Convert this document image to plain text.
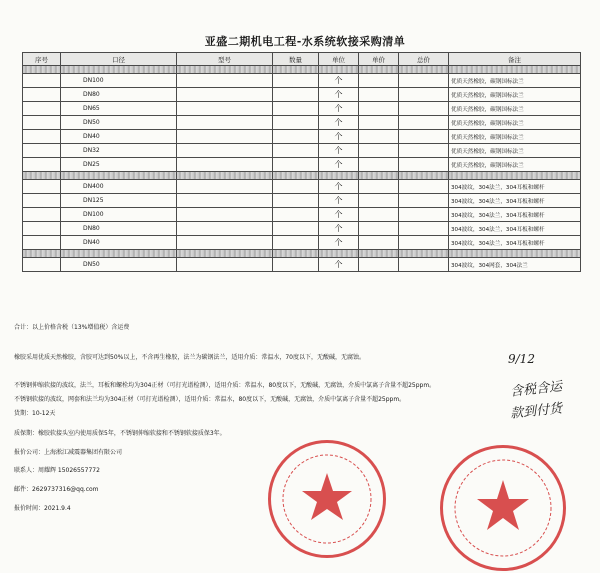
亚盛二期机电工程-水系统软接采购清单
序号	口径	型号	数量	单位	单价	总价	备注

	DN100			个			优质天然橡胶，碳钢国标法兰
	DN80			个			优质天然橡胶，碳钢国标法兰
	DN65			个			优质天然橡胶，碳钢国标法兰
	DN50			个			优质天然橡胶，碳钢国标法兰
	DN40			个			优质天然橡胶，碳钢国标法兰
	DN32			个			优质天然橡胶，碳钢国标法兰
	DN25			个			优质天然橡胶，碳钢国标法兰

	DN400			个			304波纹，304法兰，304耳板和螺杆
	DN125			个			304波纹，304法兰，304耳板和螺杆
	DN100			个			304波纹，304法兰，304耳板和螺杆
	DN80			个			304波纹，304法兰，304耳板和螺杆
	DN40			个			304波纹，304法兰，304耳板和螺杆

	DN50			个			304波纹，304网套，304法兰
合计：以上价格含税（13%增值税）含运费
橡胶采用优质天然橡胶，含胶可达到50%以上，不含再生橡胶，法兰为碳钢法兰，适用介质：常温水，70度以下，无酸碱，无腐蚀。
不锈钢伸缩软接的波纹，法兰，耳板和螺栓均为304正材（可打光谱检测），适用介质：常温水，80度以下，无酸碱，无腐蚀，介质中氯离子含量不超25ppm。
不锈钢软接的波纹，网套和法兰均为304正材（可打光谱检测），适用介质：常温水，80度以下，无酸碱，无腐蚀，介质中氯离子含量不超25ppm。
货期：10-12天
质保期：橡胶软接头室内使用质保5年，不锈钢伸缩软接和不锈钢软接质保3年。
报价公司：上海淞江减震器集团有限公司
联系人：周耀辉 15026557772
邮件：2629737316@qq.com
报价时间：2021.9.4
9/12
含税含运
款到付货
